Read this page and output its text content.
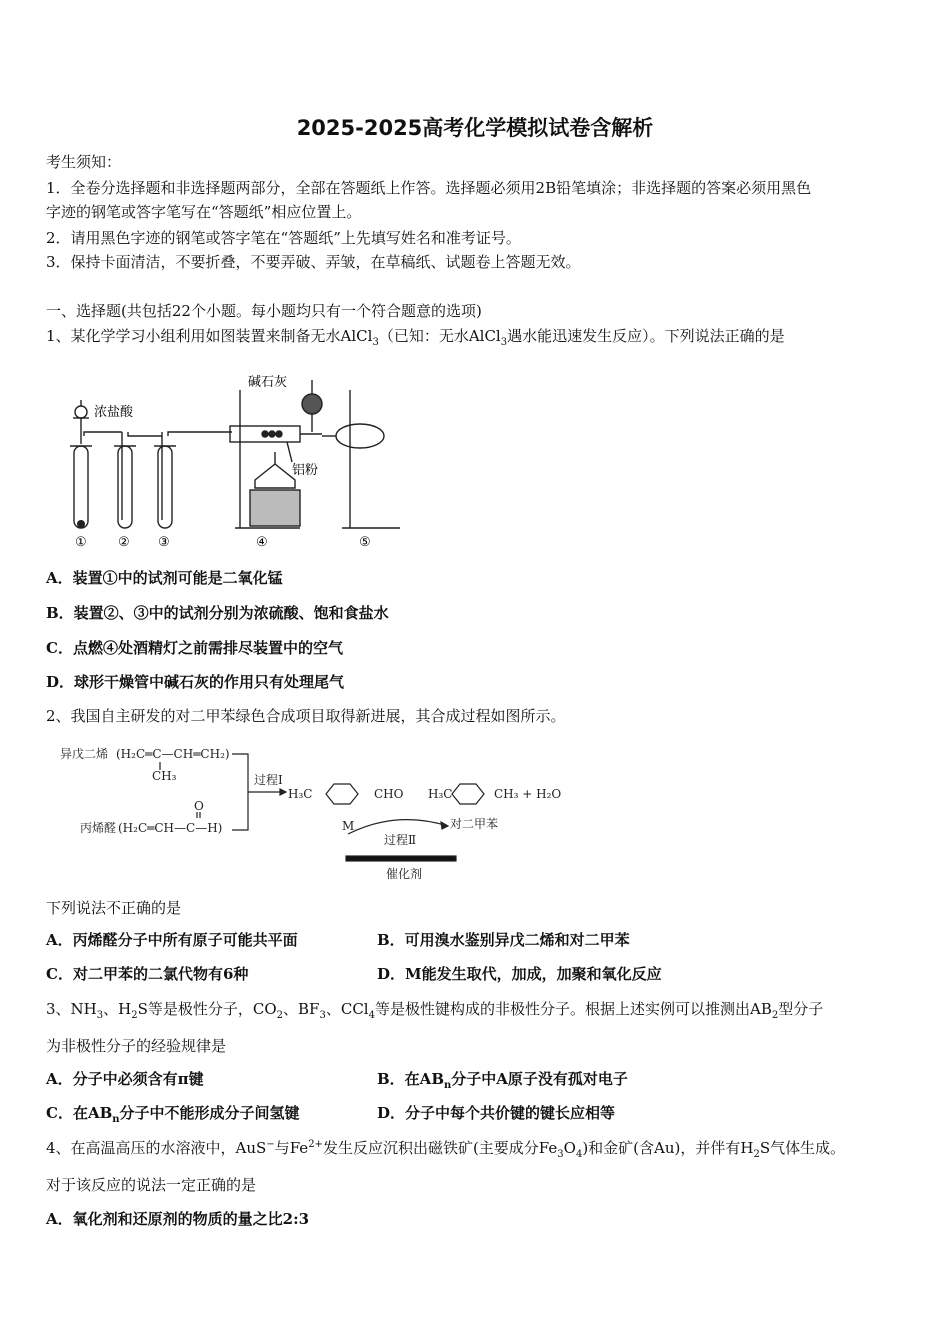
2025-2025高考化学模拟试卷含解析
考生须知：
1．全卷分选择题和非选择题两部分，全部在答题纸上作答。选择题必须用2B铅笔填涂；非选择题的答案必须用黑色
字迹的钢笔或答字笔写在“答题纸”相应位置上。
2．请用黑色字迹的钢笔或答字笔在“答题纸”上先填写姓名和准考证号。
3．保持卡面清洁，不要折叠，不要弄破、弄皱，在草稿纸、试题卷上答题无效。
一、选择题(共包括22个小题。每小题均只有一个符合题意的选项)
1、某化学学习小组利用如图装置来制备无水AlCl$_3$（已知：无水AlCl$_3$遇水能迅速发生反应）。下列说法正确的是
浓盐酸
碱石灰
铝粉
① ② ③	④	⑤
A．装置①中的试剂可能是二氧化锰
B．装置②、③中的试剂分别为浓硫酸、饱和食盐水
C．点燃④处酒精灯之前需排尽装置中的空气
D．球形干燥管中碱石灰的作用只有处理尾气
2、我国自主研发的对二甲苯绿色合成项目取得新进展，其合成过程如图所示。
异戊二烯 (H₂C═C—CH═CH₂)
CH₃
O
丙烯醛 (H₂C═CH—C—H)
过程Ⅰ
H₃C	CHO H₃C	CH₃ + H₂O
M
过程Ⅱ
对二甲苯
催化剂
下列说法不正确的是
A．丙烯醛分子中所有原子可能共平面	B．可用溴水鉴别异戊二烯和对二甲苯
C．对二甲苯的二氯代物有6种	D．M能发生取代，加成，加聚和氧化反应
3、$NH_3$、$H_2S$等是极性分子，$CO_2$、$BF_3$、CCl$_4$等是极性键构成的非极性分子。根据上述实例可以推测出$AB_2$型分子
为非极性分子的经验规律是
A．分子中必须含有π键	B．在$AB_n$分子中A原子没有孤对电子
C．在$AB_n$分子中不能形成分子间氢键	D．分子中每个共价键的键长应相等
4、在高温高压的水溶液中，AuS−与$Fe^{2+}$发生反应沉积出磁铁矿(主要成分$Fe_3O_4$)和金矿(含Au)，并伴有$H_2S$气体生成。
对于该反应的说法一定正确的是
A．氧化剂和还原剂的物质的量之比2:3
